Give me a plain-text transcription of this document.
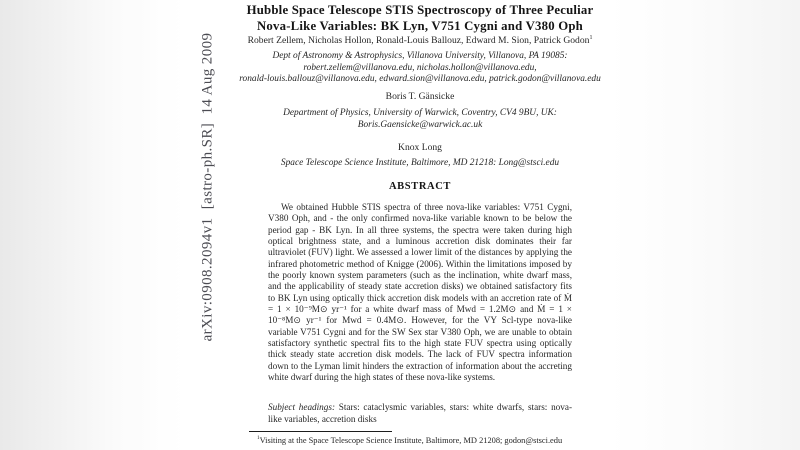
arXiv:0908.2094v1  [astro-ph.SR]  14 Aug 2009
Hubble Space Telescope STIS Spectroscopy of Three Peculiar
Nova-Like Variables: BK Lyn, V751 Cygni and V380 Oph
Robert Zellem, Nicholas Hollon, Ronald-Louis Ballouz, Edward M. Sion, Patrick Godon$^1$
Dept of Astronomy & Astrophysics, Villanova University, Villanova, PA 19085:
robert.zellem@villanova.edu, nicholas.hollon@villanova.edu,
ronald-louis.ballouz@villanova.edu, edward.sion@villanova.edu, patrick.godon@villanova.edu
Boris T. Gänsicke
Department of Physics, University of Warwick, Coventry, CV4 9BU, UK:
Boris.Gaensicke@warwick.ac.uk
Knox Long
Space Telescope Science Institute, Baltimore, MD 21218: Long@stsci.edu
ABSTRACT
We obtained Hubble STIS spectra of three nova-like variables: V751 Cygni, V380 Oph, and - the only confirmed nova-like variable known to be below the period gap - BK Lyn. In all three systems, the spectra were taken during high optical brightness state, and a luminous accretion disk dominates their far ultraviolet (FUV) light. We assessed a lower limit of the distances by applying the infrared photometric method of Knigge (2006). Within the limitations imposed by the poorly known system parameters (such as the inclination, white dwarf mass, and the applicability of steady state accretion disks) we obtained satisfactory fits to BK Lyn using optically thick accretion disk models with an accretion rate of Ṁ = 1 × 10⁻⁹M⊙ yr⁻¹ for a white dwarf mass of Mwd = 1.2M⊙ and Ṁ = 1 × 10⁻⁸M⊙ yr⁻¹ for Mwd = 0.4M⊙. However, for the VY Scl-type nova-like variable V751 Cygni and for the SW Sex star V380 Oph, we are unable to obtain satisfactory synthetic spectral fits to the high state FUV spectra using optically thick steady state accretion disk models. The lack of FUV spectra information down to the Lyman limit hinders the extraction of information about the accreting white dwarf during the high states of these nova-like systems.
Subject headings: Stars: cataclysmic variables, stars: white dwarfs, stars: nova-like variables, accretion disks
$^1$Visiting at the Space Telescope Science Institute, Baltimore, MD 21208; godon@stsci.edu
